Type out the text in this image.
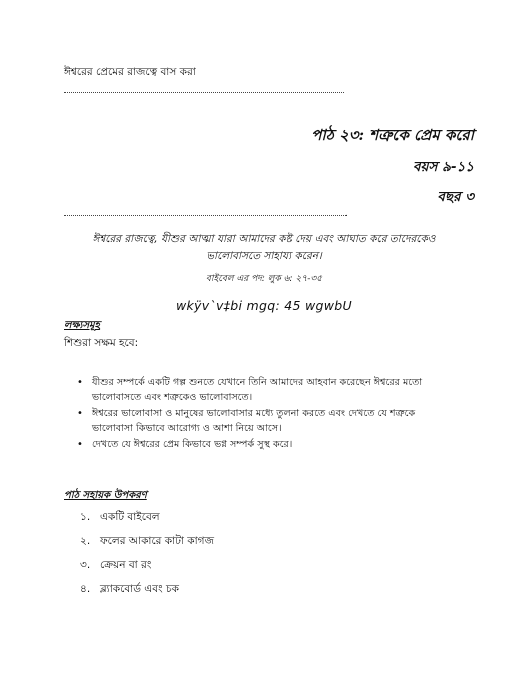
ঈশ্বরের প্রেমের রাজত্বে বাস করা
পাঠ ২৩: শত্রুকে প্রেম করো
বয়স ৯-১১
বছর ৩
.
ঈশ্বরের রাজত্বে, যীশুর আত্মা যারা আমাদের কষ্ট দেয় এবং আঘাত করে তাদেরকেও ভালোবাসতে সাহায্য করেন।
বাইবেল এর পদ: লুক ৬: ২৭-৩৫
wkÿv`v‡bi mgq: 45 wgwbU
লক্ষ্যসমূহ
শিশুরা সক্ষম হবে:
• যীশুর সম্পর্কে একটি গল্প শুনতে যেখানে তিনি আমাদের আহবান করেছেন ঈশ্বরের মতো ভালোবাসতে এবং শত্রুকেও ভালোবাসতে।
• ঈশ্বরের ভালোবাসা ও মানুষের ভালোবাসার মধ্যে তুলনা করতে এবং দেখতে যে শত্রুকে ভালোবাসা কিভাবে আরোগ্য ও আশা নিয়ে আসে।
• দেখতে যে ঈশ্বরের প্রেম কিভাবে ভগ্ন সম্পর্ক সুস্থ করে।
পাঠ সহায়ক উপকরণ
১. একটি বাইবেল
২. ফলের আকারে কাটা কাগজ
৩. ক্রেয়ন বা রং
৪. ব্ল্যাকবোর্ড এবং চক
